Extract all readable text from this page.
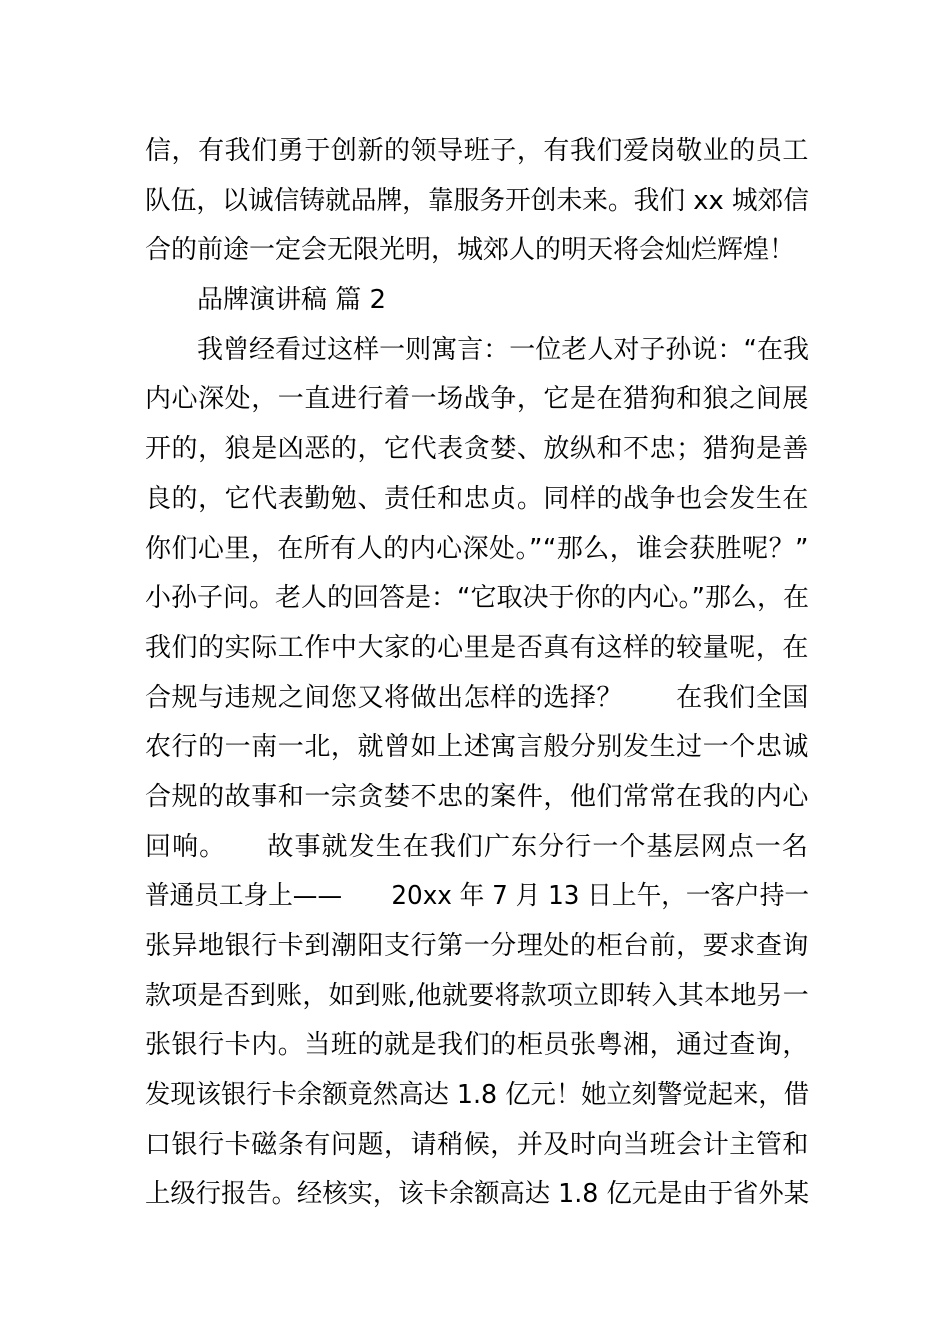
信，有我们勇于创新的领导班子，有我们爱岗敬业的员工
队伍，以诚信铸就品牌，靠服务开创未来。我们 xx 城郊信
合的前途一定会无限光明，城郊人的明天将会灿烂辉煌！
品牌演讲稿 篇 2
我曾经看过这样一则寓言：一位老人对子孙说：“在我
内心深处，一直进行着一场战争，它是在猎狗和狼之间展
开的，狼是凶恶的，它代表贪婪、放纵和不忠；猎狗是善
良的，它代表勤勉、责任和忠贞。同样的战争也会发生在
你们心里，在所有人的内心深处。”“那么，谁会获胜呢？”
小孙子问。老人的回答是：“它取决于你的内心。”那么，在
我们的实际工作中大家的心里是否真有这样的较量呢，在
合规与违规之间您又将做出怎样的选择？　　在我们全国
农行的一南一北，就曾如上述寓言般分别发生过一个忠诚
合规的故事和一宗贪婪不忠的案件，他们常常在我的内心
回响。　　故事就发生在我们广东分行一个基层网点一名
普通员工身上——　　20xx 年 7 月 13 日上午，一客户持一
张异地银行卡到潮阳支行第一分理处的柜台前，要求查询
款项是否到账，如到账,他就要将款项立即转入其本地另一
张银行卡内。当班的就是我们的柜员张粤湘，通过查询，
发现该银行卡余额竟然高达 1.8 亿元！她立刻警觉起来，借
口银行卡磁条有问题，请稍候，并及时向当班会计主管和
上级行报告。经核实，该卡余额高达 1.8 亿元是由于省外某
